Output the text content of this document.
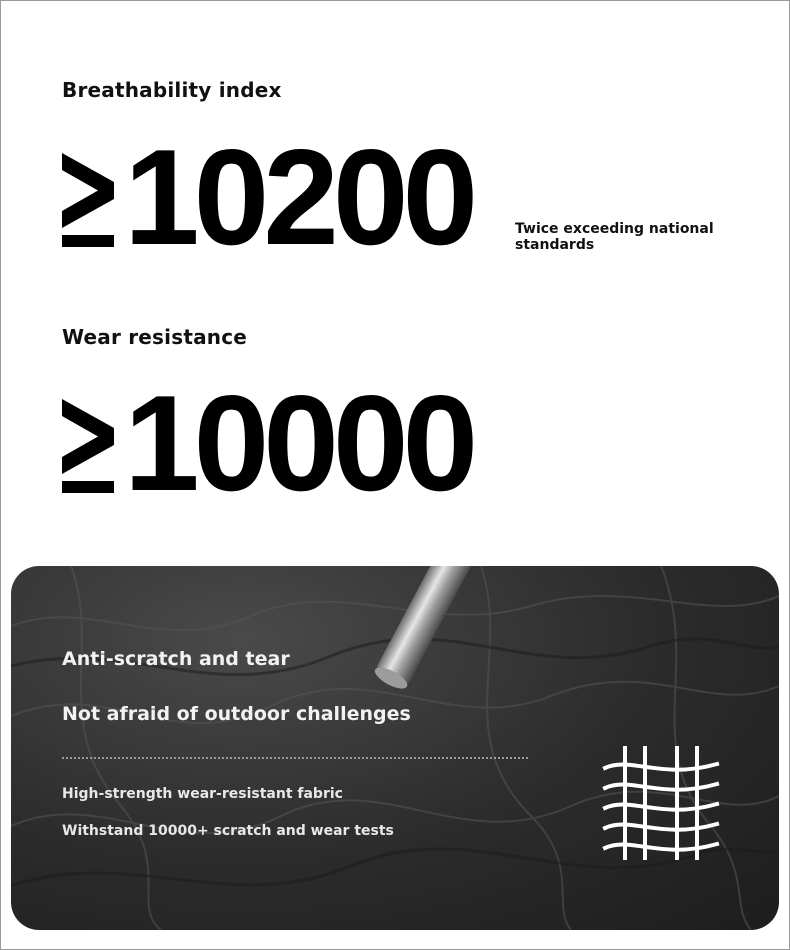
Breathability index
10200	Twice exceeding national standards
Wear resistance
10000
Anti-scratch and tear
Not afraid of outdoor challenges
High-strength wear-resistant fabric
Withstand 10000+ scratch and wear tests
